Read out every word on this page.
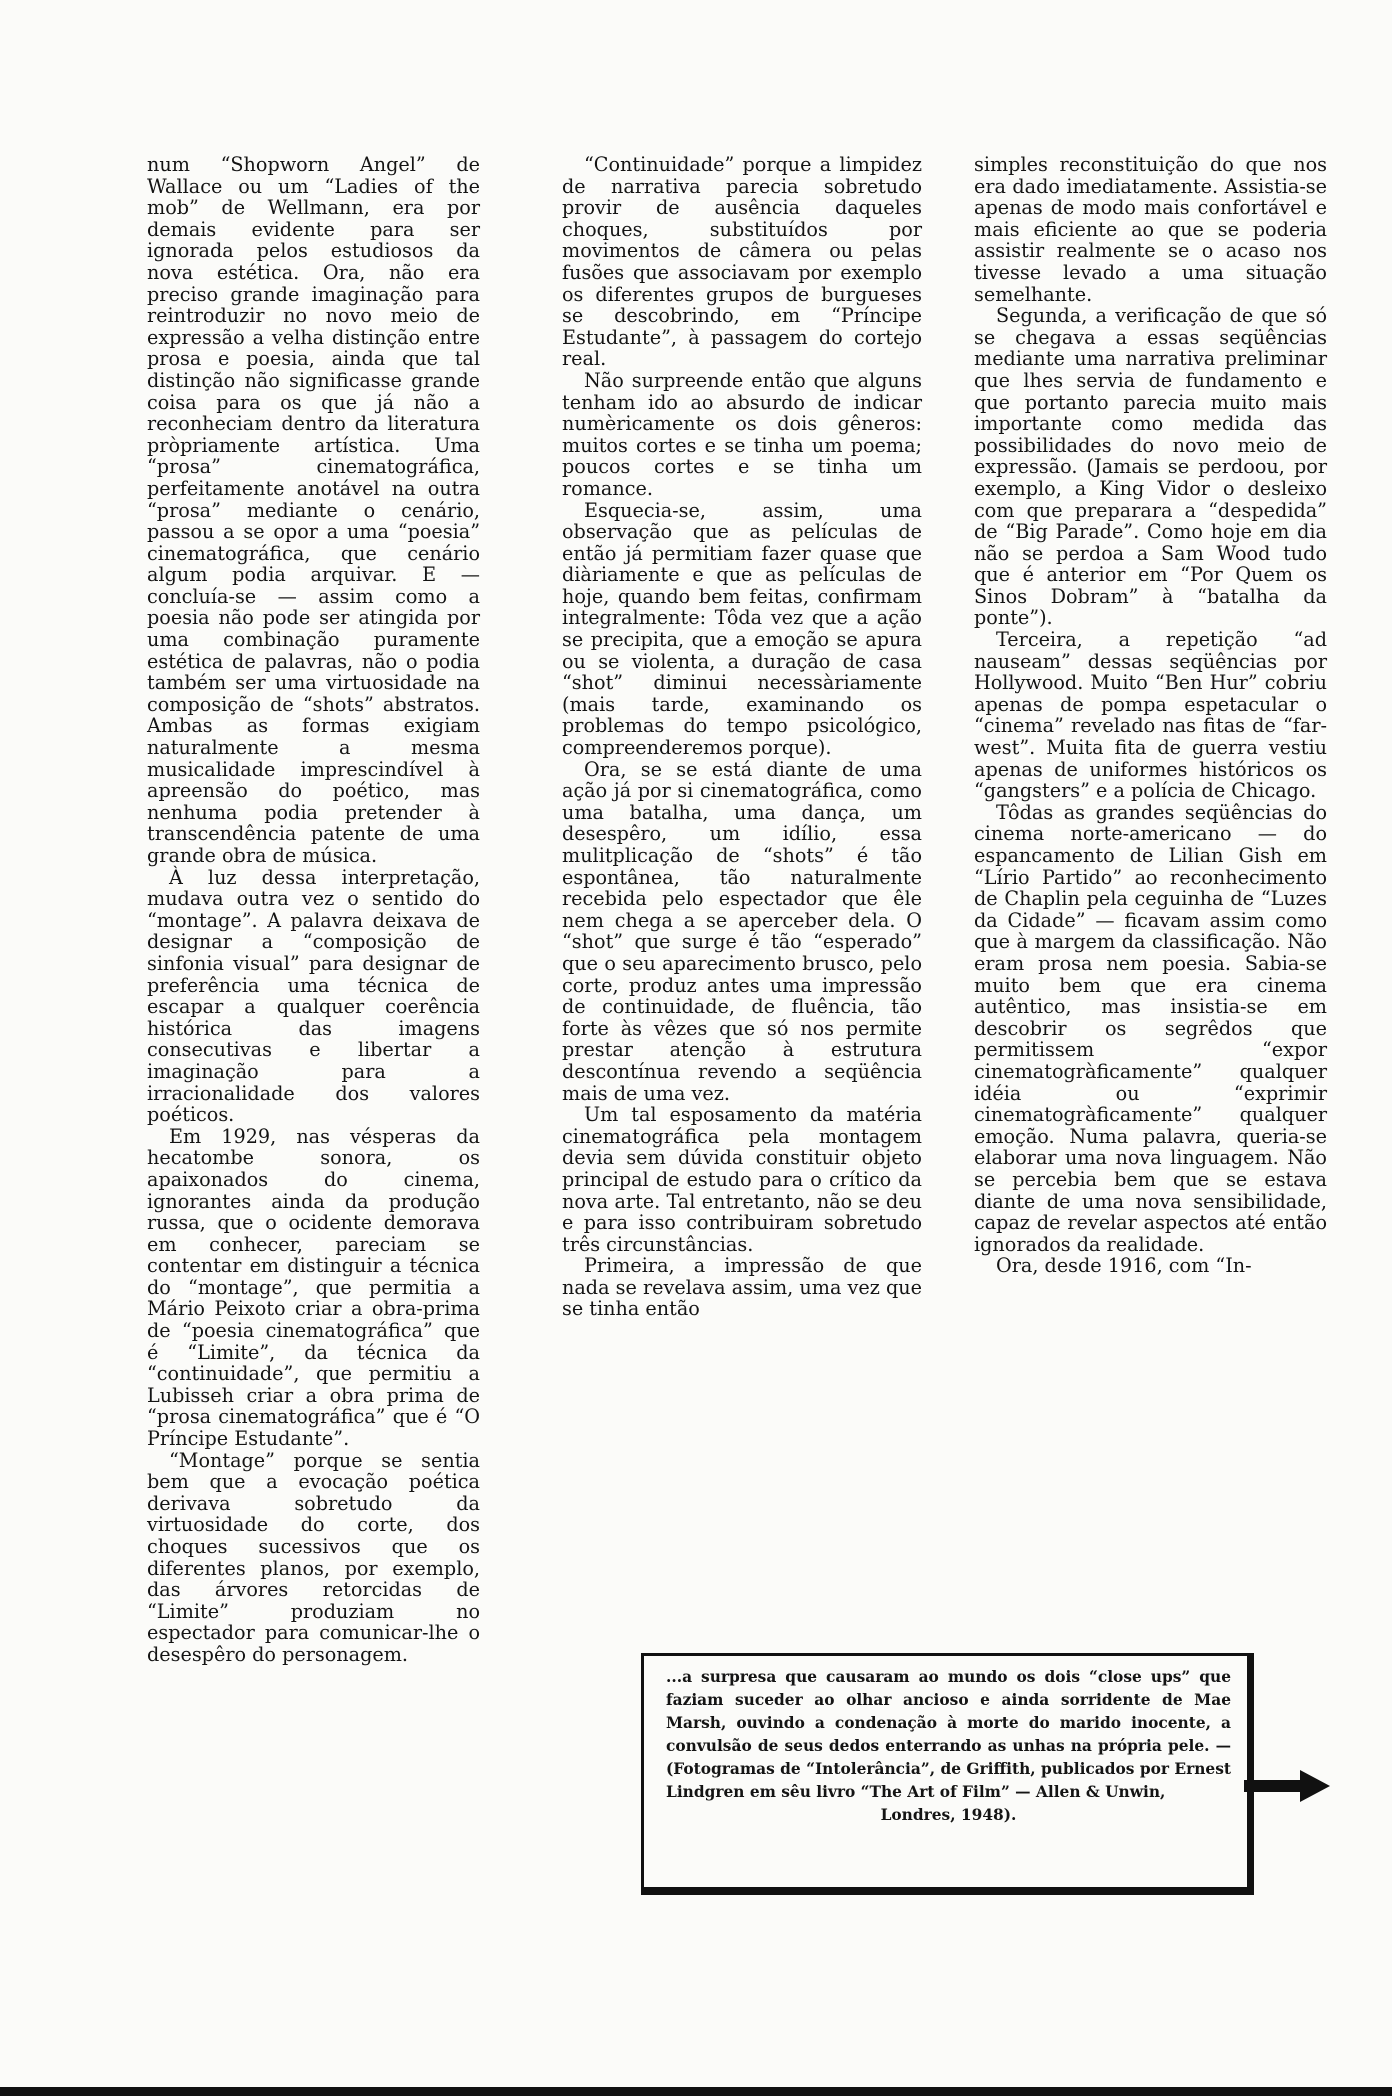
num “Shopworn Angel” de Wallace ou um “Ladies of the mob” de Wellmann, era por demais evidente para ser ignorada pelos estudiosos da nova estética. Ora, não era preciso grande imaginação para reintroduzir no novo meio de expressão a velha distinção entre prosa e poesia, ainda que tal distinção não significasse grande coisa para os que já não a reconheciam dentro da literatura pròpriamente artística. Uma “prosa” cinematográfica, perfeitamente anotável na outra “prosa” mediante o cenário, passou a se opor a uma “poesia” cinematográfica, que cenário algum podia arquivar. E — concluía-se — assim como a poesia não pode ser atingida por uma combinação puramente estética de palavras, não o podia também ser uma virtuosidade na composição de “shots” abstratos. Ambas as formas exigiam naturalmente a mesma musicalidade imprescindível à apreensão do poético, mas nenhuma podia pretender à transcendência patente de uma grande obra de música.

À luz dessa interpretação, mudava outra vez o sentido do “montage”. A palavra deixava de designar a “composição de sinfonia visual” para designar de preferência uma técnica de escapar a qualquer coerência histórica das imagens consecutivas e libertar a imaginação para a irracionalidade dos valores poéticos.

Em 1929, nas vésperas da hecatombe sonora, os apaixonados do cinema, ignorantes ainda da produção russa, que o ocidente demorava em conhecer, pareciam se contentar em distinguir a técnica do “montage”, que permitia a Mário Peixoto criar a obra-prima de “poesia cinematográfica” que é “Limite”, da técnica da “continuidade”, que permitiu a Lubisseh criar a obra prima de “prosa cinematográfica” que é “O Príncipe Estudante”.

“Montage” porque se sentia bem que a evocação poética derivava sobretudo da virtuosidade do corte, dos choques sucessivos que os diferentes planos, por exemplo, das árvores retorcidas de “Limite” produziam no espectador para comunicar-lhe o desespêro do personagem.

“Continuidade” porque a limpidez de narrativa parecia sobretudo provir de ausência daqueles choques, substituídos por movimentos de câmera ou pelas fusões que associavam por exemplo os diferentes grupos de burgueses se descobrindo, em “Príncipe Estudante”, à passagem do cortejo real.

Não surpreende então que alguns tenham ido ao absurdo de indicar numèricamente os dois gêneros: muitos cortes e se tinha um poema; poucos cortes e se tinha um romance.

Esquecia-se, assim, uma observação que as películas de então já permitiam fazer quase que diàriamente e que as películas de hoje, quando bem feitas, confirmam integralmente: Tôda vez que a ação se precipita, que a emoção se apura ou se violenta, a duração de casa “shot” diminui necessàriamente (mais tarde, examinando os problemas do tempo psicológico, compreenderemos porque).

Ora, se se está diante de uma ação já por si cinematográfica, como uma batalha, uma dança, um desespêro, um idílio, essa mulitplicação de “shots” é tão espontânea, tão naturalmente recebida pelo espectador que êle nem chega a se aperceber dela. O “shot” que surge é tão “esperado” que o seu aparecimento brusco, pelo corte, produz antes uma impressão de continuidade, de fluência, tão forte às vêzes que só nos permite prestar atenção à estrutura descontínua revendo a seqüência mais de uma vez.

Um tal esposamento da matéria cinematográfica pela montagem devia sem dúvida constituir objeto principal de estudo para o crítico da nova arte. Tal entretanto, não se deu e para isso contribuiram sobretudo três circunstâncias.

Primeira, a impressão de que nada se revelava assim, uma vez que se tinha então

simples reconstituição do que nos era dado imediatamente. Assistia-se apenas de modo mais confortável e mais eficiente ao que se poderia assistir realmente se o acaso nos tivesse levado a uma situação semelhante.

Segunda, a verificação de que só se chegava a essas seqüências mediante uma narrativa preliminar que lhes servia de fundamento e que portanto parecia muito mais importante como medida das possibilidades do novo meio de expressão. (Jamais se perdoou, por exemplo, a King Vidor o desleixo com que preparara a “despedida” de “Big Parade”. Como hoje em dia não se perdoa a Sam Wood tudo que é anterior em “Por Quem os Sinos Dobram” à “batalha da ponte”).

Terceira, a repetição “ad nauseam” dessas seqüências por Hollywood. Muito “Ben Hur” cobriu apenas de pompa espetacular o “cinema” revelado nas fitas de “far-west”. Muita fita de guerra vestiu apenas de uniformes históricos os “gangsters” e a polícia de Chicago.

Tôdas as grandes seqüências do cinema norte-americano — do espancamento de Lilian Gish em “Lírio Partido” ao reconhecimento de Chaplin pela ceguinha de “Luzes da Cidade” — ficavam assim como que à margem da classificação. Não eram prosa nem poesia. Sabia-se muito bem que era cinema autêntico, mas insistia-se em descobrir os segrêdos que permitissem “expor cinematogràficamente” qualquer idéia ou “exprimir cinematogràficamente” qualquer emoção. Numa palavra, queria-se elaborar uma nova linguagem. Não se percebia bem que se estava diante de uma nova sensibilidade, capaz de revelar aspectos até então ignorados da realidade.

Ora, desde 1916, com “In-

...a surpresa que causaram ao mundo os dois “close ups” que faziam suceder ao olhar ancioso e ainda sorridente de Mae Marsh, ouvindo a condenação à morte do marido inocente, a convulsão de seus dedos enterrando as unhas na própria pele. — (Fotogramas de “Intolerância”, de Griffith, publicados por Ernest Lindgren em sêu livro “The Art of Film” — Allen & Unwin,
Londres, 1948).
